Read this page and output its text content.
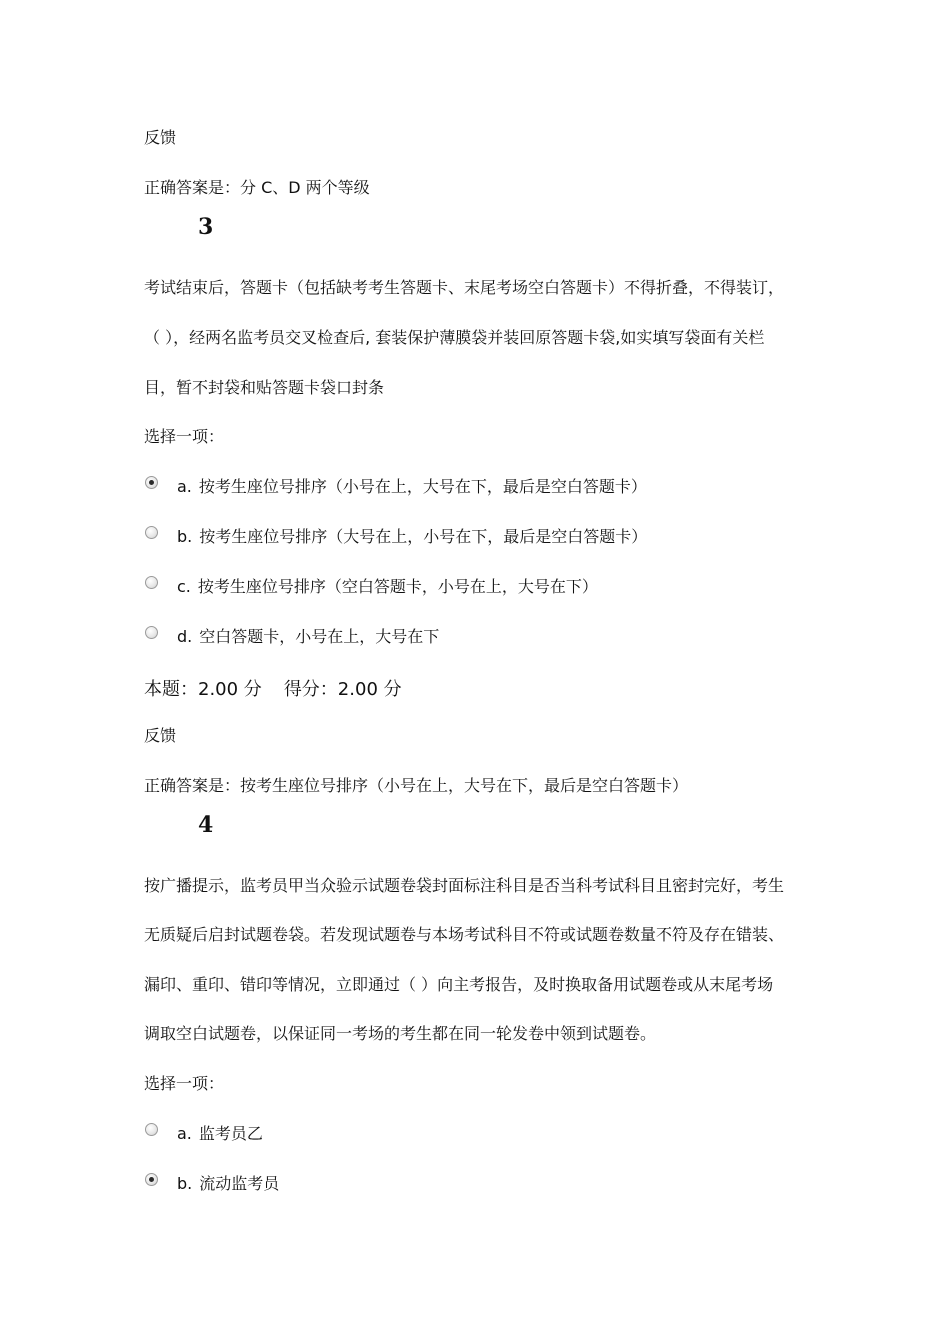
反馈
正确答案是：分 C、D 两个等级
3
考试结束后，答题卡（包括缺考考生答题卡、末尾考场空白答题卡）不得折叠，不得装订，
（ ），经两名监考员交叉检查后, 套装保护薄膜袋并装回原答题卡袋,如实填写袋面有关栏
目，暂不封袋和贴答题卡袋口封条
选择一项：
a. 按考生座位号排序（小号在上，大号在下，最后是空白答题卡）
b. 按考生座位号排序（大号在上，小号在下，最后是空白答题卡）
c. 按考生座位号排序（空白答题卡，小号在上，大号在下）
d. 空白答题卡，小号在上，大号在下
本题：2.00 分 得分：2.00 分
反馈
正确答案是：按考生座位号排序（小号在上，大号在下，最后是空白答题卡）
4
按广播提示，监考员甲当众验示试题卷袋封面标注科目是否当科考试科目且密封完好，考生
无质疑后启封试题卷袋。若发现试题卷与本场考试科目不符或试题卷数量不符及存在错装、
漏印、重印、错印等情况，立即通过（ ）向主考报告，及时换取备用试题卷或从末尾考场
调取空白试题卷，以保证同一考场的考生都在同一轮发卷中领到试题卷。
选择一项：
a. 监考员乙
b. 流动监考员
